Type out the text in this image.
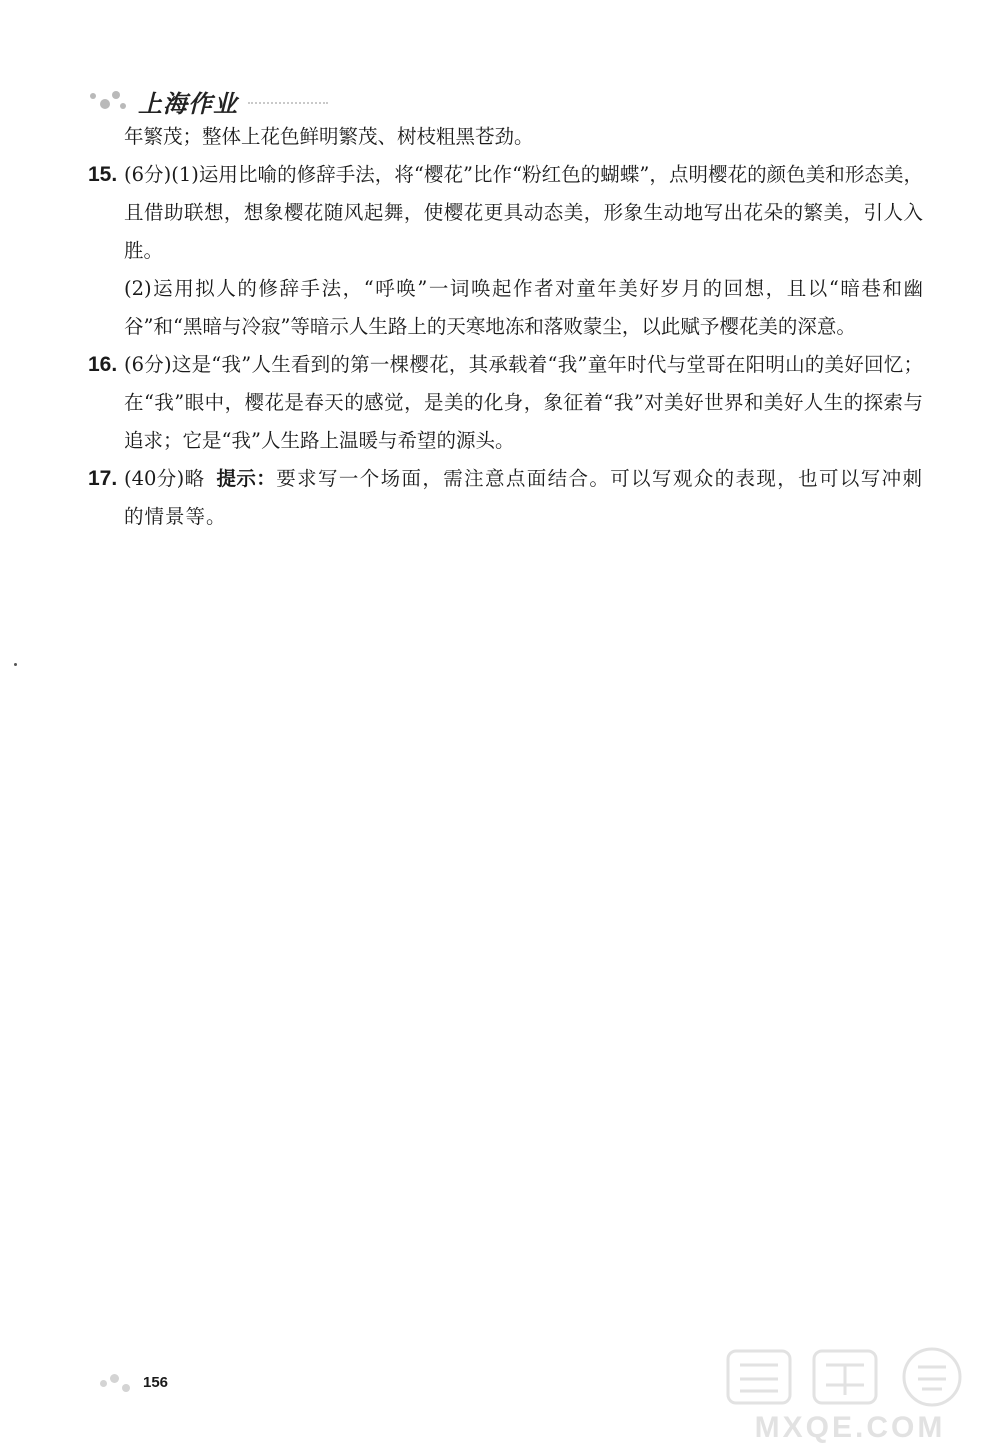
上海作业
年繁茂；整体上花色鲜明繁茂、树枝粗黑苍劲。
15. (6分)(1)运用比喻的修辞手法，将“樱花”比作“粉红色的蝴蝶”，点明樱花的颜色美和形态美，且借助联想，想象樱花随风起舞，使樱花更具动态美，形象生动地写出花朵的繁美，引人入胜。
(2)运用拟人的修辞手法，“呼唤”一词唤起作者对童年美好岁月的回想，且以“暗巷和幽谷”和“黑暗与冷寂”等暗示人生路上的天寒地冻和落败蒙尘，以此赋予樱花美的深意。
16. (6分)这是“我”人生看到的第一棵樱花，其承载着“我”童年时代与堂哥在阳明山的美好回忆；在“我”眼中，樱花是春天的感觉，是美的化身，象征着“我”对美好世界和美好人生的探索与追求；它是“我”人生路上温暖与希望的源头。
17. (40分)略 提示：要求写一个场面，需注意点面结合。可以写观众的表现，也可以写冲刺的情景等。
156
MXQE.COM
